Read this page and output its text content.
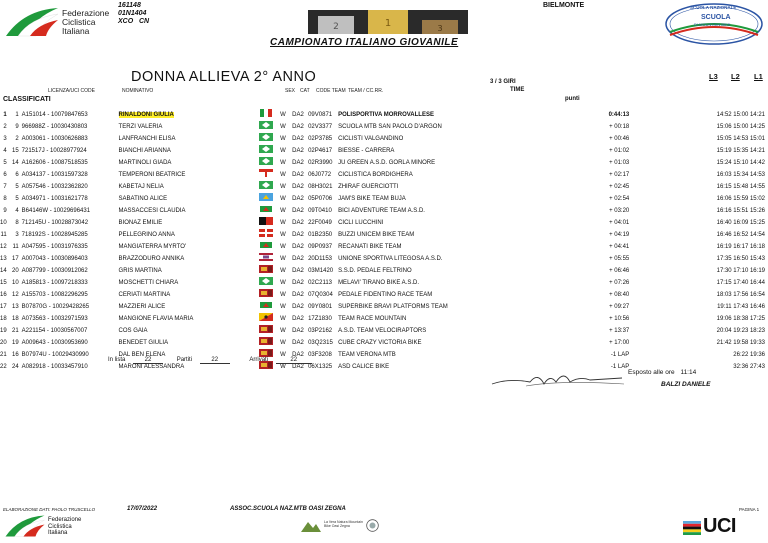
Federazione
Ciclistica
Italiana
161148
01N1404
XCO   CN
2	1	3
CAMPIONATO ITALIANO GIOVANILE
BIELMONTE	SCUOLA NAZIONALE
SCUOLA
DI MOUNTAIN BIKE
DONNA ALLIEVA 2° ANNO	3 / 3 GIRI
TIME
punti
L3 L2 L1
LICENZA/UCI CODE	NOMINATIVO	SEX CAT CODE TEAM TEAM / CC.RR.
CLASSIFICATI
1	1	A151014 - 10079847653	RINALDONI GIULIA		W	DA2	09V0871	POLISPORTIVA MORROVALLESE	0:44:13	14:52 15:00 14:21
2	9	966988Z - 10030430803	TERZI VALERIA		W	DA2	02V3377	SCUOLA MTB SAN PAOLO D'ARGON	+ 00:18	15:06 15:00 14:25
3	2	A003061 - 10030626883	LANFRANCHI ELISA		W	DA2	02P3785	CICLISTI VALGANDINO	+ 00:46	15:05 14:53 15:01
4	15	721517J - 10028977924	BIANCHI ARIANNA		W	DA2	02P4617	BIESSE - CARRERA	+ 01:02	15:19 15:35 14:21
5	14	A162606 - 10087518535	MARTINOLI GIADA		W	DA2	02R3990	JU GREEN A.S.D. GORLA MINORE	+ 01:03	15:24 15:10 14:42
6	6	A034137 - 10031597328	TEMPERONI BEATRICE		W	DA2	06J0772	CICLISTICA BORDIGHERA	+ 02:17	16:03 15:34 14:53
7	5	A057546 - 10032362820	KABETAJ NELIA		W	DA2	08H3021	ZHIRAF GUERCIOTTI	+ 02:45	16:15 15:48 14:55
8	5	A034971 - 10031621778	SABATINO ALICE		W	DA2	05P0706	JAM'S BIKE TEAM BUJA	+ 02:54	16:06 15:59 15:02
9	4	B64146W - 10029696431	MASSACCESI CLAUDIA		W	DA2	09T0410	BICI ADVENTURE TEAM A.S.D.	+ 03:20	16:16 15:51 15:26
10	8	712145U - 10028873042	BIONAZ EMILIE		W	DA2	22F0049	CICLI LUCCHINI	+ 04:01	16:40 16:09 15:25
11	3	718192S - 10028945285	PELLEGRINO ANNA		W	DA2	01B2350	BUZZI UNICEM BIKE TEAM	+ 04:19	16:46 16:52 14:54
12	11	A047595 - 10031976335	MANGIATERRA MYRTO'		W	DA2	09P0937	RECANATI BIKE TEAM	+ 04:41	16:19 16:17 16:18
13	17	A007043 - 10030896403	BRAZZODURO ANNIKA		W	DA2	20D1153	UNIONE SPORTIVA LITEGOSA A.S.D.	+ 05:55	17:35 16:50 15:43
14	20	A087799 - 10030912062	GRIS MARTINA		W	DA2	03M1420	S.S.D. PEDALE FELTRINO	+ 06:46	17:30 17:10 16:19
15	10	A185813 - 10097218333	MOSCHETTI CHIARA		W	DA2	02C2113	MELAVI' TIRANO BIKE A.S.D.	+ 07:26	17:15 17:40 16:44
16	12	A155703 - 10082296295	CERIATI MARTINA		W	DA2	07Q0304	PEDALE FIDENTINO RACE TEAM	+ 08:40	18:03 17:56 16:54
17	13	B07870G - 10029428265	MAZZIERI ALICE		W	DA2	09Y0801	SUPERBIKE BRAVI PLATFORMS TEAM	+ 09:27	19:11 17:43 16:46
18	18	A073563 - 10032971593	MANGIONE FLAVIA MARIA		W	DA2	17Z1830	TEAM RACE MOUNTAIN	+ 10:56	19:06 18:38 17:25
19	21	A221154 - 10030567007	COS GAIA		W	DA2	03P2162	A.S.D. TEAM VELOCIRAPTORS	+ 13:37	20:04 19:23 18:23
20	19	A009643 - 10030953690	BENEDET GIULIA		W	DA2	03Q2315	CUBE CRAZY VICTORIA BIKE	+ 17:00	21:42 19:58 19:33
21	16	B07974U - 10029430990	DAL BEN ELENA		W	DA2	03F3208	TEAM VERONA MTB	-1 LAP	26:22 19:36
22	24	A082918 - 10033457910	MARONI ALESSANDRA		W	DA2	06X1325	ASD CALICE BIKE	-1 LAP	32:36 27:43
In lista	22	Partiti	22	Arrivati	22
Esposto alle ore 11:14
BALZI DANIELE
ELABORAZIONE DATI: PAOLO TRUSCELLO	17/07/2022	ASSOC.SCUOLA NAZ.MTB OASI ZEGNA	PAGINA 1
Federazione
Ciclistica
Italiana
La Vera Natura Mountain Bike Oasi Zegna	UCI
